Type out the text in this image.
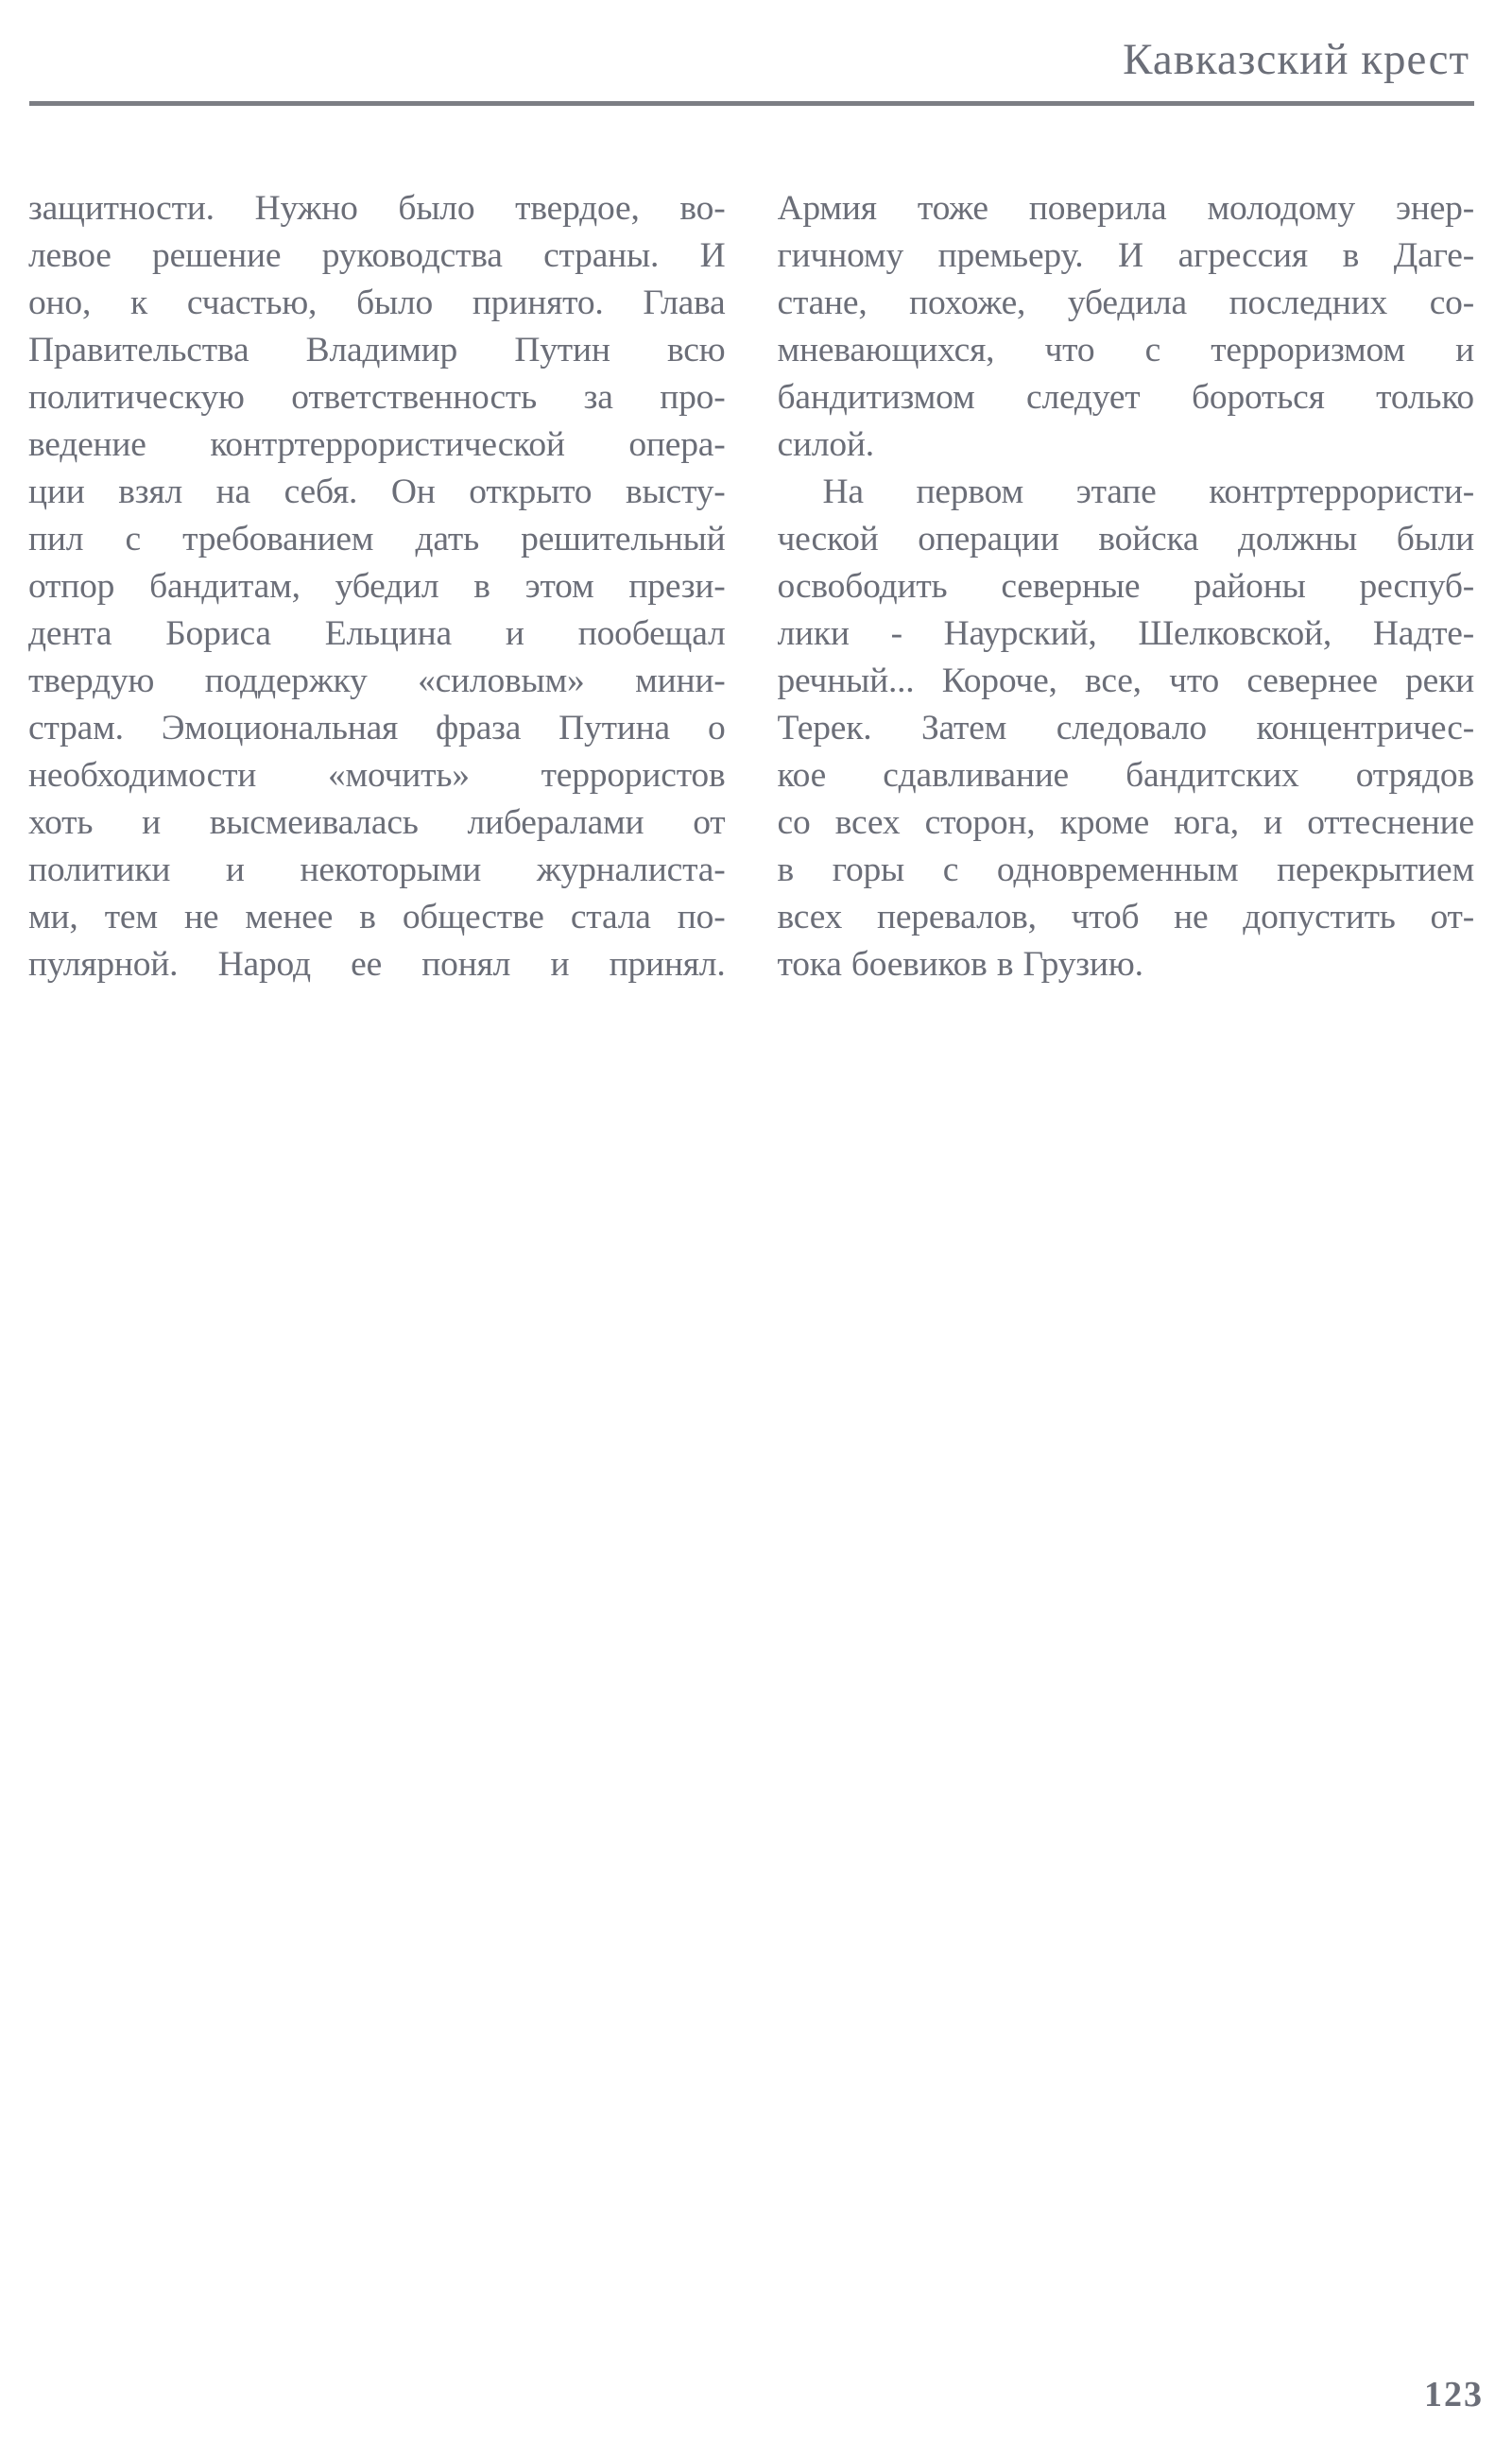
Кавказский крест
защитности. Нужно было твердое, во-
левое решение руководства страны. И
оно, к счастью, было принято. Глава
Правительства Владимир Путин всю
политическую ответственность за про-
ведение контртеррористической опера-
ции взял на себя. Он открыто высту-
пил с требованием дать решительный
отпор бандитам, убедил в этом прези-
дента Бориса Ельцина и пообещал
твердую поддержку «силовым» мини-
страм. Эмоциональная фраза Путина о
необходимости «мочить» террористов
хоть и высмеивалась либералами от
политики и некоторыми журналиста-
ми, тем не менее в обществе стала по-
пулярной. Народ ее понял и принял.
Армия тоже поверила молодому энер-
гичному премьеру. И агрессия в Даге-
стане, похоже, убедила последних со-
мневающихся, что с терроризмом и
бандитизмом следует бороться только
силой.
На первом этапе контртеррористи-
ческой операции войска должны были
освободить северные районы респуб-
лики - Наурский, Шелковской, Надте-
речный... Короче, все, что севернее реки
Терек. Затем следовало концентричес-
кое сдавливание бандитских отрядов
со всех сторон, кроме юга, и оттеснение
в горы с одновременным перекрытием
всех перевалов, чтоб не допустить от-
тока боевиков в Грузию.
123
